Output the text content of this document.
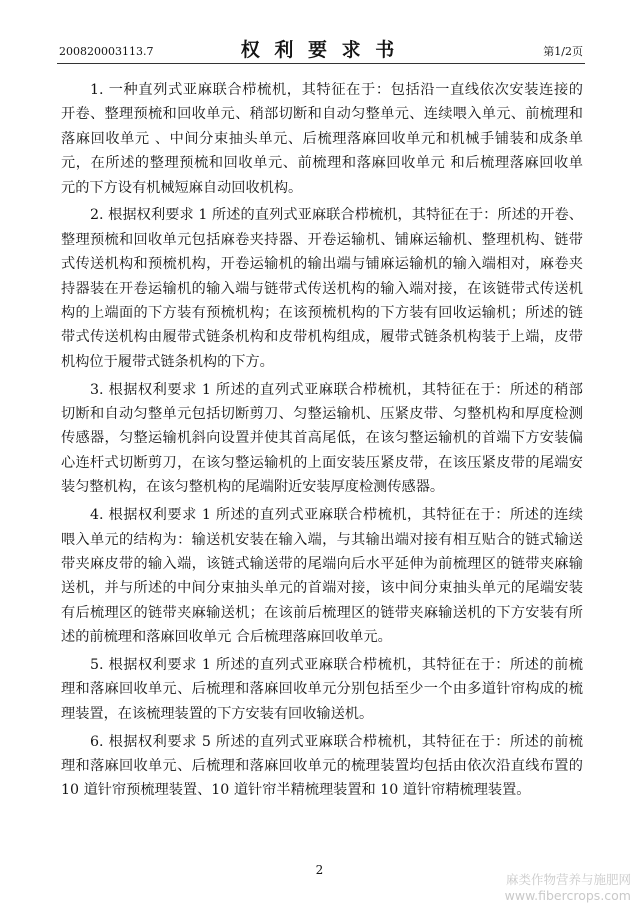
200820003113.7	权 利 要 求 书	第1/2页
1. 一种直列式亚麻联合栉梳机，其特征在于：包括沿一直线依次安装连接的
开卷、整理预梳和回收单元、稍部切断和自动匀整单元、连续喂入单元、前梳理和
落麻回收单元 、中间分束抽头单元、后梳理落麻回收单元和机械手铺装和成条单
元，在所述的整理预梳和回收单元、前梳理和落麻回收单元 和后梳理落麻回收单
元的下方设有机械短麻自动回收机构。
2. 根据权利要求 1 所述的直列式亚麻联合栉梳机，其特征在于：所述的开卷、
整理预梳和回收单元包括麻卷夹持器、开卷运输机、铺麻运输机、整理机构、链带
式传送机构和预梳机构，开卷运输机的输出端与铺麻运输机的输入端相对，麻卷夹
持器装在开卷运输机的输入端与链带式传送机构的输入端对接，在该链带式传送机
构的上端面的下方装有预梳机构；在该预梳机构的下方装有回收运输机；所述的链
带式传送机构由履带式链条机构和皮带机构组成，履带式链条机构装于上端，皮带
机构位于履带式链条机构的下方。
3. 根据权利要求 1 所述的直列式亚麻联合栉梳机，其特征在于：所述的稍部
切断和自动匀整单元包括切断剪刀、匀整运输机、压紧皮带、匀整机构和厚度检测
传感器，匀整运输机斜向设置并使其首高尾低，在该匀整运输机的首端下方安装偏
心连杆式切断剪刀，在该匀整运输机的上面安装压紧皮带，在该压紧皮带的尾端安
装匀整机构，在该匀整机构的尾端附近安装厚度检测传感器。
4. 根据权利要求 1 所述的直列式亚麻联合栉梳机，其特征在于：所述的连续
喂入单元的结构为：输送机安装在输入端，与其输出端对接有相互贴合的链式输送
带夹麻皮带的输入端，该链式输送带的尾端向后水平延伸为前梳理区的链带夹麻输
送机，并与所述的中间分束抽头单元的首端对接，该中间分束抽头单元的尾端安装
有后梳理区的链带夹麻输送机；在该前后梳理区的链带夹麻输送机的下方安装有所
述的前梳理和落麻回收单元 合后梳理落麻回收单元。
5. 根据权利要求 1 所述的直列式亚麻联合栉梳机，其特征在于：所述的前梳
理和落麻回收单元、后梳理和落麻回收单元分别包括至少一个由多道针帘构成的梳
理装置，在该梳理装置的下方安装有回收输送机。
6. 根据权利要求 5 所述的直列式亚麻联合栉梳机，其特征在于：所述的前梳
理和落麻回收单元、后梳理和落麻回收单元的梳理装置均包括由依次沿直线布置的
10 道针帘预梳理装置、10 道针帘半精梳理装置和 10 道针帘精梳理装置。
2
麻类作物营养与施肥网
www.fibercrops.com
